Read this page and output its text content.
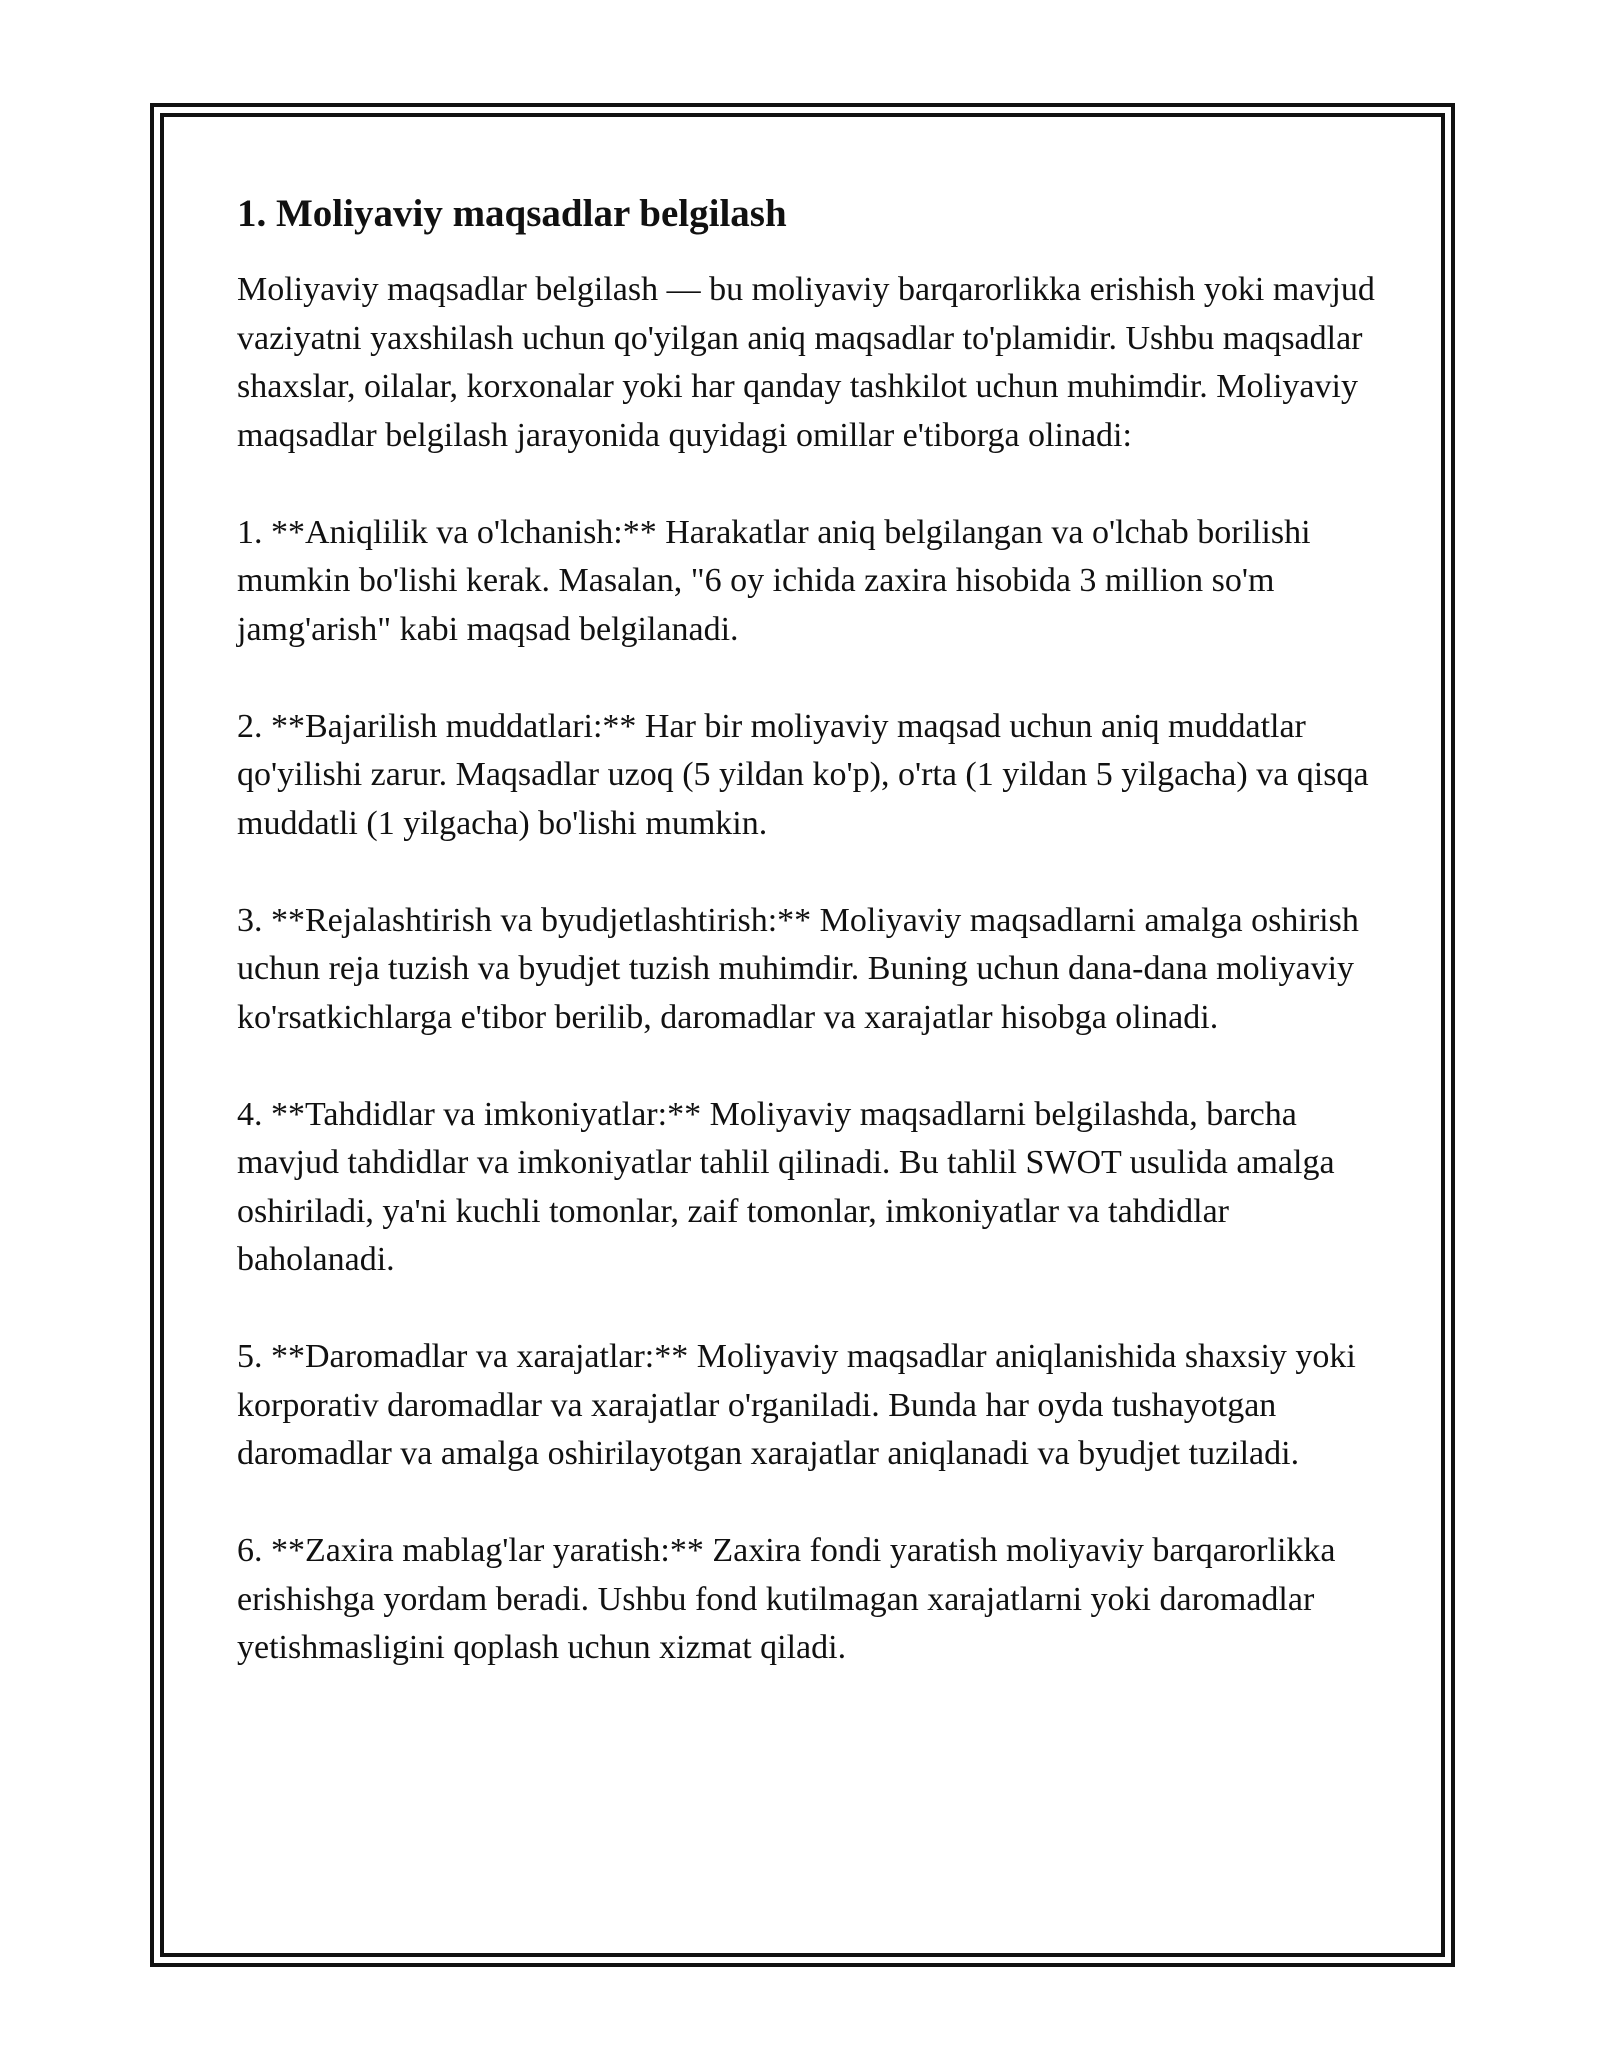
1. Moliyaviy maqsadlar belgilash

Moliyaviy maqsadlar belgilash — bu moliyaviy barqarorlikka erishish yoki mavjud vaziyatni yaxshilash uchun qo'yilgan aniq maqsadlar to'plamidir. Ushbu maqsadlar shaxslar, oilalar, korxonalar yoki har qanday tashkilot uchun muhimdir. Moliyaviy maqsadlar belgilash jarayonida quyidagi omillar e'tiborga olinadi:

1. **Aniqlilik va o'lchanish:** Harakatlar aniq belgilangan va o'lchab borilishi mumkin bo'lishi kerak. Masalan, "6 oy ichida zaxira hisobida 3 million so'm jamg'arish" kabi maqsad belgilanadi.

2. **Bajarilish muddatlari:** Har bir moliyaviy maqsad uchun aniq muddatlar qo'yilishi zarur. Maqsadlar uzoq (5 yildan ko'p), o'rta (1 yildan 5 yilgacha) va qisqa muddatli (1 yilgacha) bo'lishi mumkin.

3. **Rejalashtirish va byudjetlashtirish:** Moliyaviy maqsadlarni amalga oshirish uchun reja tuzish va byudjet tuzish muhimdir. Buning uchun dana-dana moliyaviy ko'rsatkichlarga e'tibor berilib, daromadlar va xarajatlar hisobga olinadi.

4. **Tahdidlar va imkoniyatlar:** Moliyaviy maqsadlarni belgilashda, barcha mavjud tahdidlar va imkoniyatlar tahlil qilinadi. Bu tahlil SWOT usulida amalga oshiriladi, ya'ni kuchli tomonlar, zaif tomonlar, imkoniyatlar va tahdidlar baholanadi.

5. **Daromadlar va xarajatlar:** Moliyaviy maqsadlar aniqlanishida shaxsiy yoki korporativ daromadlar va xarajatlar o'rganiladi. Bunda har oyda tushayotgan daromadlar va amalga oshirilayotgan xarajatlar aniqlanadi va byudjet tuziladi.

6. **Zaxira mablag'lar yaratish:** Zaxira fondi yaratish moliyaviy barqarorlikka erishishga yordam beradi. Ushbu fond kutilmagan xarajatlarni yoki daromadlar yetishmasligini qoplash uchun xizmat qiladi.
